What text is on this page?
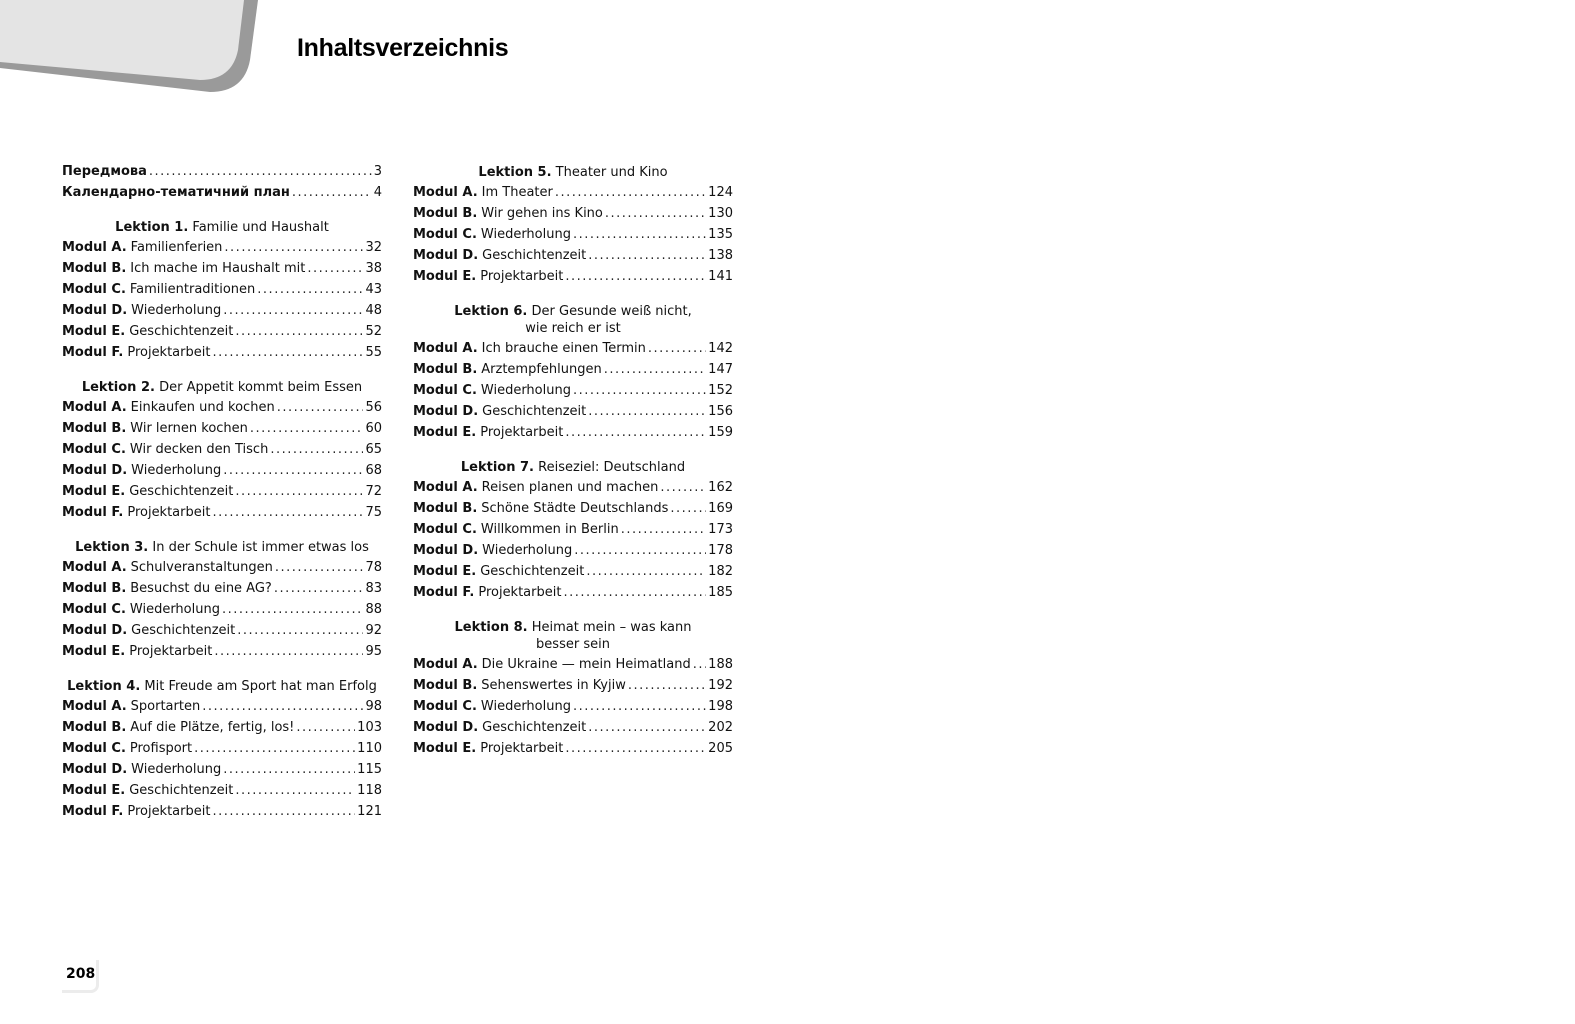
Inhaltsverzeichnis
Передмова .....	3
Календарно-тематичний план .....	4
Lektion 1. Familie und Haushalt
Modul A. Familienferien .....	32
Modul B. Ich mache im Haushalt mit .....	38
Modul C. Familientraditionen .....	43
Modul D. Wiederholung .....	48
Modul E. Geschichtenzeit .....	52
Modul F. Projektarbeit .....	55
Lektion 2. Der Appetit kommt beim Essen
Modul A. Einkaufen und kochen .....	56
Modul B. Wir lernen kochen .....	60
Modul C. Wir decken den Tisch .....	65
Modul D. Wiederholung .....	68
Modul E. Geschichtenzeit .....	72
Modul F. Projektarbeit .....	75
Lektion 3. In der Schule ist immer etwas los
Modul A. Schulveranstaltungen .....	78
Modul B. Besuchst du eine AG? .....	83
Modul C. Wiederholung .....	88
Modul D. Geschichtenzeit .....	92
Modul E. Projektarbeit .....	95
Lektion 4. Mit Freude am Sport hat man Erfolg
Modul A. Sportarten .....	98
Modul B. Auf die Plätze, fertig, los! .....	103
Modul C. Profisport .....	110
Modul D. Wiederholung .....	115
Modul E. Geschichtenzeit .....	118
Modul F. Projektarbeit .....	121
Lektion 5. Theater und Kino
Modul A. Im Theater .....	124
Modul B. Wir gehen ins Kino .....	130
Modul C. Wiederholung .....	135
Modul D. Geschichtenzeit .....	138
Modul E. Projektarbeit .....	141
Lektion 6. Der Gesunde weiß nicht,
wie reich er ist
Modul A. Ich brauche einen Termin .....	142
Modul B. Arztempfehlungen .....	147
Modul C. Wiederholung .....	152
Modul D. Geschichtenzeit .....	156
Modul E. Projektarbeit .....	159
Lektion 7. Reiseziel: Deutschland
Modul A. Reisen planen und machen .....	162
Modul B. Schöne Städte Deutschlands .....	169
Modul C. Willkommen in Berlin .....	173
Modul D. Wiederholung .....	178
Modul E. Geschichtenzeit .....	182
Modul F. Projektarbeit .....	185
Lektion 8. Heimat mein – was kann
besser sein
Modul A. Die Ukraine — mein Heimatland ..... 188
Modul B. Sehenswertes in Kyjiw .....	192
Modul C. Wiederholung .....	198
Modul D. Geschichtenzeit .....	202
Modul E. Projektarbeit .....	205
208
